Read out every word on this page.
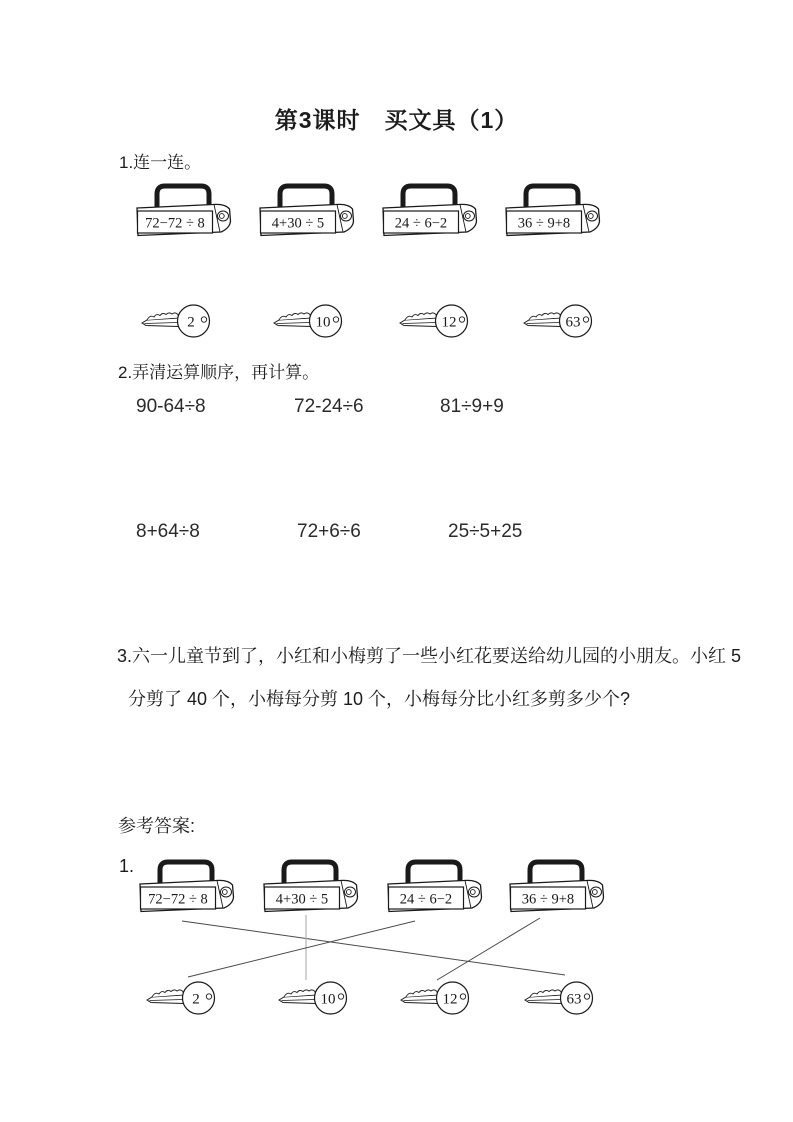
第3课时　买文具（1）
1.连一连。
72−72 ÷ 8	4+30 ÷ 5	24 ÷ 6−2	36 ÷ 9+8
2	10	12	63
2.弄清运算顺序，再计算。
90-64÷8	72-24÷6	81÷9+9
8+64÷8	72+6÷6	25÷5+25
3.六一儿童节到了，小红和小梅剪了一些小红花要送给幼儿园的小朋友。小红 5
分剪了 40 个，小梅每分剪 10 个，小梅每分比小红多剪多少个?
参考答案:
1.
72−72 ÷ 8	4+30 ÷ 5	24 ÷ 6−2	36 ÷ 9+8
2	10	12	63
